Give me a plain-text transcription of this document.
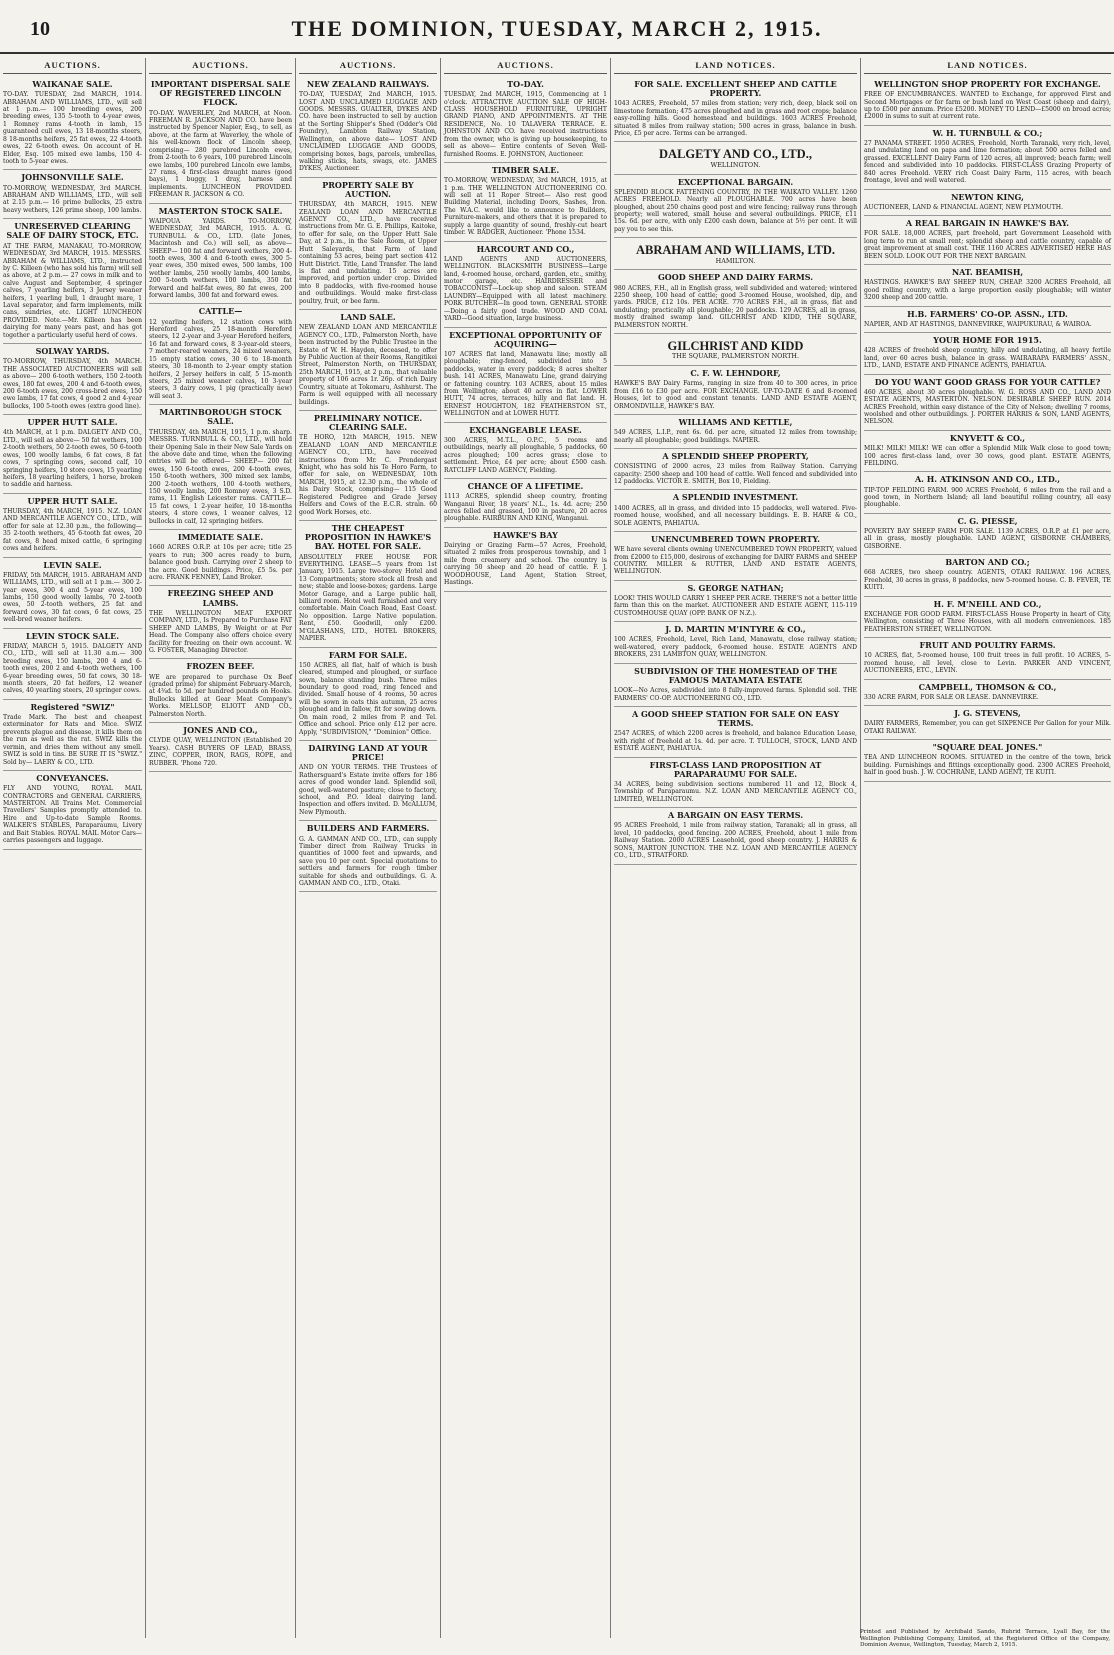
10	THE DOMINION, TUESDAY, MARCH 2, 1915.
AUCTIONS.
WAIKANAE SALE.
TO-DAY. TUESDAY, 2nd MARCH, 1914. ABRAHAM AND WILLIAMS, LTD., will sell at 1 p.m.— 100 breeding ewes, 200 breeding ewes, 135 5-tooth to 4-year ewes, 1 Romney rams 4-tooth in lamb, 15 guaranteed cull ewes, 13 18-months steers, 8 18-months heifers, 25 fat ewes, 22 4-tooth ewes, 22 6-tooth ewes. On account of H. Elder, Esq. 105 mixed ewe lambs, 150 4-tooth to 5-year ewes.
JOHNSONVILLE SALE.
TO-MORROW, WEDNESDAY, 3rd MARCH. ABRAHAM AND WILLIAMS, LTD., will sell at 2.15 p.m.— 16 prime bullocks, 25 extra heavy wethers, 126 prime sheep, 100 lambs.
UNRESERVED CLEARING SALE OF DAIRY STOCK, ETC.
AT THE FARM, MANAKAU, TO-MORROW, WEDNESDAY, 3rd MARCH, 1915. MESSRS. ABRAHAM & WILLIAMS, LTD., instructed by C. Killeen (who has sold his farm) will sell as above, at 2 p.m.— 27 cows in milk and to calve August and September, 4 springer calves, 7 yearling heifers, 3 Jersey weaner heifers, 1 yearling bull, 1 draught mare, 1 Laval separator, and farm implements, milk cans, sundries, etc. LIGHT LUNCHEON PROVIDED. Note.—Mr. Killeen has been dairying for many years past, and has got together a particularly useful herd of cows.
SOLWAY YARDS.
TO-MORROW, THURSDAY, 4th MARCH. THE ASSOCIATED AUCTIONEERS will sell as above— 200 6-tooth wethers, 150 2-tooth ewes, 180 fat ewes, 200 4 and 6-tooth ewes, 200 6-tooth ewes, 200 cross-bred ewes, 150 ewe lambs, 17 fat cows, 4 good 2 and 4-year bullocks, 100 5-tooth ewes (extra good line).
UPPER HUTT SALE.
4th MARCH, at 1 p.m. DALGETY AND CO., LTD., will sell as above— 50 fat wethers, 100 2-tooth wethers, 50 2-tooth ewes, 50 6-tooth ewes, 100 woolly lambs, 6 fat cows, 8 fat cows, 7 springing cows, second calf, 10 springing heifers, 10 store cows, 15 yearling heifers, 18 yearling heifers, 1 horse, broken to saddle and harness.
UPPER HUTT SALE.
THURSDAY, 4th MARCH, 1915. N.Z. LOAN AND MERCANTILE AGENCY CO., LTD., will offer for sale at 12.30 p.m., the following— 35 2-tooth wethers, 45 6-tooth fat ewes, 20 fat cows, 8 head mixed cattle, 6 springing cows and heifers.
LEVIN SALE.
FRIDAY, 5th MARCH, 1915. ABRAHAM AND WILLIAMS, LTD., will sell at 1 p.m.— 300 2-year ewes, 300 4 and 5-year ewes, 100 lambs, 150 good woolly lambs, 70 2-tooth ewes, 50 2-tooth wethers, 25 fat and forward cows, 30 fat cows, 6 fat cows, 25 well-bred weaner heifers.
LEVIN STOCK SALE.
FRIDAY, MARCH 5, 1915. DALGETY AND CO., LTD., will sell at 11.30 a.m.— 300 breeding ewes, 150 lambs, 200 4 and 6-tooth ewes, 200 2 and 4-tooth wethers, 100 6-year breeding ewes, 50 fat cows, 30 18-month steers, 20 fat heifers, 12 weaner calves, 40 yearling steers, 20 springer cows.
Registered "SWIZ"
Trade Mark. The best and cheapest exterminator for Rats and Mice. SWIZ prevents plague and disease, it kills them on the run as well as the rat. SWIZ kills the vermin, and dries them without any smell. SWIZ is sold in tins. BE SURE IT IS "SWIZ." Sold by— LAERY & CO., LTD.
CONVEYANCES.
FLY AND YOUNG, ROYAL MAIL CONTRACTORS and GENERAL CARRIERS, MASTERTON. All Trains Met. Commercial Travellers' Samples promptly attended to. Hire and Up-to-date Sample Rooms. WALKER'S STABLES, Paraparaumu, Livery and Bait Stables. ROYAL MAIL Motor Cars—carries passengers and luggage.
AUCTIONS.
IMPORTANT DISPERSAL SALE OF REGISTERED LINCOLN FLOCK.
TO-DAY. WAVERLEY, 2nd MARCH, at Noon. FREEMAN R. JACKSON AND CO. have been instructed by Spencer Napier, Esq., to sell, as above, at the farm at Waverley, the whole of his well-known flock of Lincoln sheep, comprising— 280 purebred Lincoln ewes, from 2-tooth to 6 years, 100 purebred Lincoln ewe lambs, 100 purebred Lincoln ewe lambs, 27 rams, 4 first-class draught mares (good bays), 1 buggy, 1 dray, harness and implements. LUNCHEON PROVIDED. FREEMAN R. JACKSON & CO.
MASTERTON STOCK SALE.
WAIPOUA YARDS. TO-MORROW, WEDNESDAY, 3rd MARCH, 1915. A. G. TURNBULL & CO., LTD. (late Jones, Macintosh and Co.) will sell, as above— SHEEP— 100 fat and forward wethers, 200 4-tooth ewes, 300 4 and 6-tooth ewes, 300 5-year ewes, 350 mixed ewes, 500 lambs, 100 wether lambs, 250 woolly lambs, 400 lambs, 200 5-tooth wethers, 100 lambs, 350 fat forward and half-fat ewes, 80 fat ewes, 200 forward lambs, 300 fat and forward ewes.
CATTLE—
12 yearling heifers, 12 station cows with Hereford calves, 25 18-month Hereford steers, 12 2-year and 3-year Hereford heifers, 16 fat and forward cows, 8 3-year-old steers, 7 mother-reared weaners, 24 mixed weaners, 15 empty station cows, 30 6 to 18-month steers, 30 18-month to 2-year empty station heifers, 2 Jersey heifers in calf, 5 15-month steers, 25 mixed weaner calves, 10 3-year steers, 3 dairy cows, 1 pig (practically new) will seat 3.
MARTINBOROUGH STOCK SALE.
THURSDAY, 4th MARCH, 1915, 1 p.m. sharp. MESSRS. TURNBULL & CO., LTD., will hold their Opening Sale in their New Sale Yards on the above date and time, when the following entries will be offered— SHEEP— 200 fat ewes, 150 6-tooth ewes, 200 4-tooth ewes, 150 6-tooth wethers, 300 mixed sex lambs, 200 2-tooth wethers, 100 4-tooth wethers, 150 woolly lambs, 200 Romney ewes, 3 S.D. rams, 11 English Leicester rams. CATTLE— 15 fat cows, 1 2-year heifer, 10 18-months steers, 4 store cows, 1 weaner calves, 12 bullocks in calf, 12 springing heifers.
IMMEDIATE SALE.
1660 ACRES O.R.P. at 10s per acre; title 25 years to run; 300 acres ready to burn, balance good bush. Carrying over 2 sheep to the acre. Good buildings. Price, £5 5s. per acre. FRANK FENNEY, Land Broker.
FREEZING SHEEP AND LAMBS.
THE WELLINGTON MEAT EXPORT COMPANY, LTD., Is Prepared to Purchase FAT SHEEP AND LAMBS, By Weight or at Per Head. The Company also offers choice every facility for freezing on their own account. W. G. FOSTER, Managing Director.
FROZEN BEEF.
WE are prepared to purchase Ox Beef (graded prime) for shipment February-March, at 4¾d. to 5d. per hundred pounds on Hooks. Bullocks killed at Gear Meat Company's Works. MELLSOP, ELIOTT AND CO., Palmerston North.
JONES AND CO.,
CLYDE QUAY, WELLINGTON (Established 20 Years). CASH BUYERS OF LEAD, BRASS, ZINC, COPPER, IRON, RAGS, ROPE, and RUBBER. 'Phone 720.
AUCTIONS.
NEW ZEALAND RAILWAYS.
TO-DAY, TUESDAY, 2nd MARCH, 1915. LOST AND UNCLAIMED LUGGAGE AND GOODS. MESSRS. GUALTER, DYKES AND CO. have been instructed to sell by auction at the Sorting Shipper's Shed (Odder's Old Foundry), Lambton Railway Station, Wellington, on above date— LOST AND UNCLAIMED LUGGAGE AND GOODS, comprising boxes, bags, parcels, umbrellas, walking sticks, hats, swags, etc. JAMES DYKES, Auctioneer.
PROPERTY SALE BY AUCTION.
THURSDAY, 4th MARCH, 1915. NEW ZEALAND LOAN AND MERCANTILE AGENCY CO., LTD., have received instructions from Mr. G. E. Phillips, Kaitoke, to offer for sale, on the Upper Hutt Sale Day, at 2 p.m., in the Sale Room, at Upper Hutt Saleyards, that Farm of land containing 53 acres, being part section 412 Hutt District. Title, Land Transfer. The land is flat and undulating. 15 acres are improved, and portion under crop. Divided into 8 paddocks, with five-roomed house and outbuildings. Would make first-class poultry, fruit, or bee farm.
LAND SALE.
NEW ZEALAND LOAN AND MERCANTILE AGENCY CO., LTD., Palmerston North, have been instructed by the Public Trustee in the Estate of W. H. Hayden, deceased, to offer by Public Auction at their Rooms, Rangitikei Street, Palmerston North, on THURSDAY, 25th MARCH, 1915, at 2 p.m., that valuable property of 106 acres 1r. 26p. of rich Dairy Country, situate at Tokomaru, Ashhurst. The Farm is well equipped with all necessary buildings.
PRELIMINARY NOTICE. CLEARING SALE.
TE HORO, 12th MARCH, 1915. NEW ZEALAND LOAN AND MERCANTILE AGENCY CO., LTD., have received instructions from Mr. C. Prendergast Knight, who has sold his Te Horo Farm, to offer for sale, on WEDNESDAY, 10th MARCH, 1915, at 12.30 p.m., the whole of his Dairy Stock, comprising— 115 Good Registered Pedigree and Grade Jersey Heifers and Cows of the E.C.R. strain. 60 good Work Horses, etc.
THE CHEAPEST PROPOSITION IN HAWKE'S BAY. HOTEL FOR SALE.
ABSOLUTELY FREE HOUSE FOR EVERYTHING. LEASE—5 years from 1st January, 1915. Large two-storey Hotel and 13 Compartments; store stock all fresh and new; stable and loose-boxes; gardens. Large Motor Garage, and a Large public hall, billiard room. Hotel well furnished and very comfortable. Main Coach Road, East Coast. No opposition. Large Native population. Rent, £50. Goodwill, only £200. M'GLASHANS, LTD., HOTEL BROKERS, NAPIER.
FARM FOR SALE.
150 ACRES, all flat, half of which is bush cleared, stumped and ploughed, or surface sown, balance standing bush. Three miles boundary to good road, ring fenced and divided. Small house of 4 rooms, 50 acres will be sown in oats this autumn, 25 acres ploughed and in fallow, fit for sowing down. On main road, 2 miles from P. and Tel. Office and school. Price only £12 per acre. Apply, "SUBDIVISION," "Dominion" Office.
DAIRYING LAND AT YOUR PRICE!
AND ON YOUR TERMS. THE Trustees of Rathersguard's Estate invite offers for 186 acres of good wonder land. Splendid soil, good, well-watered pasture; close to factory, school, and P.O. Ideal dairying land. Inspection and offers invited. D. McALLUM, New Plymouth.
BUILDERS AND FARMERS.
G. A. GAMMAN AND CO., LTD., can supply Timber direct from Railway Trucks in quantities of 1000 feet and upwards, and save you 10 per cent. Special quotations to settlers and farmers for rough timber suitable for sheds and outbuildings. G. A. GAMMAN AND CO., LTD., Otaki.
AUCTIONS.
TO-DAY.
TUESDAY, 2nd MARCH, 1915, Commencing at 1 o'clock. ATTRACTIVE AUCTION SALE OF HIGH-CLASS HOUSEHOLD FURNITURE, UPRIGHT GRAND PIANO, AND APPOINTMENTS. AT THE RESIDENCE, No. 10 TALAVERA TERRACE. E. JOHNSTON AND CO. have received instructions from the owner, who is giving up housekeeping, to sell as above— Entire contents of Seven Well-furnished Rooms. E. JOHNSTON, Auctioneer.
TIMBER SALE.
TO-MORROW, WEDNESDAY, 3rd MARCH, 1915, at 1 p.m. THE WELLINGTON AUCTIONEERING CO. will sell at 11 Roper Street— Also rest good Building Material, including Doors, Sashes, Iron. The W.A.C. would like to announce to Builders, Furniture-makers, and others that it is prepared to supply a large quantity of sound, freshly-cut heart timber. W. BADGER, Auctioneer. 'Phone 1534.
HARCOURT AND CO.,
LAND AGENTS AND AUCTIONEERS, WELLINGTON. BLACKSMITH BUSINESS—Large land, 4-roomed house, orchard, garden, etc., smithy, motor garage, etc. HAIRDRESSER and TOBACCONIST—Lock-up shop and saloon. STEAM LAUNDRY—Equipped with all latest machinery. PORK BUTCHER—In good town. GENERAL STORE—Doing a fairly good trade. WOOD AND COAL YARD—Good situation, large business.
EXCEPTIONAL OPPORTUNITY OF ACQUIRING—
107 ACRES flat land, Manawatu line; mostly all ploughable; ring-fenced, subdivided into 5 paddocks, water in every paddock; 8 acres shelter bush. 141 ACRES, Manawatu Line, grand dairying or fattening country. 103 ACRES, about 15 miles from Wellington; about 40 acres in flat. LOWER HUTT, 74 acres, terraces, hilly and flat land. H. ERNEST HOUGHTON, 182 FEATHERSTON ST., WELLINGTON and at LOWER HUTT.
EXCHANGEABLE LEASE.
300 ACRES, M.T.L., O.P.C., 5 rooms and outbuildings, nearly all ploughable, 5 paddocks, 60 acres ploughed; 100 acres grass; close to settlement. Price, £4 per acre; about £500 cash. RATCLIFF LAND AGENCY, Fielding.
CHANCE OF A LIFETIME.
1113 ACRES, splendid sheep country, fronting Wanganui River, 18 years' N.L., 1s. 4d. acre; 250 acres felled and grassed, 100 in pasture, 20 acres ploughable. FAIRBURN AND KING, Wanganui.
HAWKE'S BAY
Dairying or Grazing Farm—57 Acres, Freehold, situated 2 miles from prosperous township, and 1 mile from creamery and school. The country is carrying 50 sheep and 20 head of cattle. F. J. WOODHOUSE, Land Agent, Station Street, Hastings.
LAND NOTICES.
FOR SALE. EXCELLENT SHEEP AND CATTLE PROPERTY.
1043 ACRES, Freehold, 57 miles from station; very rich, deep, black soil on limestone formation; 475 acres ploughed and in grass and root crops; balance easy-rolling hills. Good homestead and buildings. 1603 ACRES Freehold, situated 8 miles from railway station; 500 acres in grass, balance in bush. Price, £5 per acre. Terms can be arranged.
DALGETY AND CO., LTD.,
WELLINGTON.
EXCEPTIONAL BARGAIN.
SPLENDID BLOCK FATTENING COUNTRY, IN THE WAIKATO VALLEY. 1260 ACRES FREEHOLD. Nearly all PLOUGHABLE. 700 acres have been ploughed, about 250 chains good post and wire fencing; railway runs through property; well watered, small house and several outbuildings. PRICE, £11 15s. 6d. per acre, with only £200 cash down, balance at 5½ per cent. It will pay you to see this.
ABRAHAM AND WILLIAMS, LTD.
HAMILTON.
GOOD SHEEP AND DAIRY FARMS.
980 ACRES, F.H., all in English grass, well subdivided and watered; wintered 2250 sheep, 100 head of cattle; good 3-roomed House, woolshed, dip, and yards. PRICE, £12 10s. PER ACRE. 770 ACRES F.H., all in grass, flat and undulating; practically all ploughable; 20 paddocks. 129 ACRES, all in grass, mostly drained swamp land. GILCHRIST AND KIDD, THE SQUARE, PALMERSTON NORTH.
GILCHRIST AND KIDD
THE SQUARE, PALMERSTON NORTH.
C. F. W. LEHNDORF,
HAWKE'S BAY Dairy Farms, ranging in size from 40 to 300 acres, in price from £16 to £30 per acre. FOR EXCHANGE. UP-TO-DATE 6 and 8-roomed Houses, let to good and constant tenants. LAND AND ESTATE AGENT, ORMONDVILLE, HAWKE'S BAY.
WILLIAMS AND KETTLE,
549 ACRES, L.I.P., rent 6s. 6d. per acre, situated 12 miles from township; nearly all ploughable; good buildings. NAPIER.
A SPLENDID SHEEP PROPERTY,
CONSISTING of 2000 acres, 23 miles from Railway Station. Carrying capacity: 2500 sheep and 100 head of cattle. Well fenced and subdivided into 12 paddocks. VICTOR E. SMITH, Box 10, Fielding.
A SPLENDID INVESTMENT.
1400 ACRES, all in grass, and divided into 15 paddocks, well watered. Five-roomed house, woolshed, and all necessary buildings. E. B. HARE & CO., SOLE AGENTS, PAHIATUA.
UNENCUMBERED TOWN PROPERTY.
WE have several clients owning UNENCUMBERED TOWN PROPERTY, valued from £2000 to £15,000, desirous of exchanging for DAIRY FARMS and SHEEP COUNTRY. MILLER & RUTTER, LAND AND ESTATE AGENTS, WELLINGTON.
S. GEORGE NATHAN;
LOOK! THIS WOULD CARRY 1 SHEEP PER ACRE. THERE'S not a better little farm than this on the market. AUCTIONEER AND ESTATE AGENT, 115-119 CUSTOMHOUSE QUAY (OPP. BANK OF N.Z.).
J. D. MARTIN M'INTYRE & CO.,
100 ACRES, Freehold, Level, Rich Land, Manawatu, close railway station; well-watered, every paddock, 6-roomed house. ESTATE AGENTS AND BROKERS, 231 LAMBTON QUAY, WELLINGTON.
SUBDIVISION OF THE HOMESTEAD OF THE FAMOUS MATAMATA ESTATE
LOOK—No Acres, subdivided into 8 fully-improved farms. Splendid soil. THE FARMERS' CO-OP. AUCTIONEERING CO., LTD.
A GOOD SHEEP STATION FOR SALE ON EASY TERMS.
2547 ACRES, of which 2200 acres is freehold, and balance Education Lease, with right of freehold at 1s. 4d. per acre. T. TULLOCH, STOCK, LAND AND ESTATE AGENT, PAHIATUA.
FIRST-CLASS LAND PROPOSITION AT PARAPARAUMU FOR SALE.
34 ACRES, being subdivision sections numbered 11 and 12, Block 4, Township of Paraparaumu. N.Z. LOAN AND MERCANTILE AGENCY CO., LIMITED, WELLINGTON.
A BARGAIN ON EASY TERMS.
95 ACRES Freehold, 1 mile from railway station, Taranaki; all in grass, all level, 10 paddocks, good fencing. 200 ACRES, Freehold, about 1 mile from Railway Station. 2000 ACRES Leasehold, good sheep country. J. HARRIS & SONS, MARTON JUNCTION. THE N.Z. LOAN AND MERCANTILE AGENCY CO., LTD., STRATFORD.
LAND NOTICES.
WELLINGTON SHOP PROPERTY FOR EXCHANGE.
FREE OF ENCUMBRANCES. WANTED to Exchange, for approved First and Second Mortgages or for farm or bush land on West Coast (sheep and dairy), up to £500 per annum. Price £5200. MONEY TO LEND—£5000 on broad acres; £2000 in sums to suit at current rate.
W. H. TURNBULL & CO.;
27 PANAMA STREET. 1950 ACRES, Freehold, North Taranaki, very rich, level, and undulating land on papa and lime formation; about 500 acres felled and grassed. EXCELLENT Dairy Farm of 120 acres, all improved; beach farm; well fenced and subdivided into 10 paddocks. FIRST-CLASS Grazing Property of 840 acres Freehold. VERY rich Coast Dairy Farm, 115 acres, with beach frontage, level and well watered.
NEWTON KING,
AUCTIONEER, LAND & FINANCIAL AGENT, NEW PLYMOUTH.
A REAL BARGAIN IN HAWKE'S BAY.
FOR SALE. 18,000 ACRES, part freehold, part Government Leasehold with long term to run at small rent; splendid sheep and cattle country, capable of great improvement at small cost. THE 1160 ACRES ADVERTISED HERE HAS BEEN SOLD. LOOK OUT FOR THE NEXT BARGAIN.
NAT. BEAMISH,
HASTINGS. HAWKE'S BAY SHEEP RUN, CHEAP. 3200 ACRES Freehold, all good rolling country, with a large proportion easily ploughable; will winter 3200 sheep and 200 cattle.
H.B. FARMERS' CO-OP. ASSN., LTD.
NAPIER, AND AT HASTINGS, DANNEVIRKE, WAIPUKURAU, & WAIROA.
YOUR HOME FOR 1915.
428 ACRES of freehold sheep country, hilly and undulating, all heavy fertile land, over 60 acres bush, balance in grass. WAIRARAPA FARMERS' ASSN., LTD., LAND, ESTATE AND FINANCE AGENTS, PAHIATUA.
DO YOU WANT GOOD GRASS FOR YOUR CATTLE?
460 ACRES, about 30 acres ploughable. W. G. ROSS AND CO., LAND AND ESTATE AGENTS, MASTERTON. NELSON. DESIRABLE SHEEP RUN. 2014 ACRES Freehold, within easy distance of the City of Nelson; dwelling 7 rooms, woolshed and other outbuildings. J. PORTER HARRIS & SON, LAND AGENTS, NELSON.
KNYVETT & CO.,
MILK! MILK! MILK! WE can offer a Splendid Milk Walk close to good town; 100 acres first-class land, over 30 cows, good plant. ESTATE AGENTS, FEILDING.
A. H. ATKINSON AND CO., LTD.,
TIP-TOP FEILDING FARM. 900 ACRES Freehold, 6 miles from the rail and a good town, in Northern Island; all land beautiful rolling country, all easy ploughable.
C. G. PIESSE,
POVERTY BAY SHEEP FARM FOR SALE. 1139 ACRES, O.R.P. at £1 per acre, all in grass, mostly ploughable. LAND AGENT, GISBORNE CHAMBERS, GISBORNE.
BARTON AND CO.;
668 ACRES, two sheep country. AGENTS, OTAKI RAILWAY. 196 ACRES, Freehold, 30 acres in grass, 8 paddocks, new 5-roomed house. C. B. FEVER, TE KUITI.
H. F. M'NEILL AND CO.,
EXCHANGE FOR GOOD FARM. FIRST-CLASS House Property in heart of City, Wellington, consisting of Three Houses, with all modern conveniences. 185 FEATHERSTON STREET, WELLINGTON.
FRUIT AND POULTRY FARMS.
10 ACRES, flat, 5-roomed house, 100 fruit trees in full profit. 10 ACRES, 5-roomed house, all level, close to Levin. PARKER AND VINCENT, AUCTIONEERS, ETC., LEVIN.
CAMPBELL, THOMSON & CO.,
330 ACRE FARM, FOR SALE OR LEASE. DANNEVIRKE.
J. G. STEVENS,
DAIRY FARMERS, Remember, you can get SIXPENCE Per Gallon for your Milk. OTAKI RAILWAY.
"SQUARE DEAL JONES."
TEA AND LUNCHEON ROOMS. SITUATED in the centre of the town, brick building. Furnishings and fittings exceptionally good. 2300 ACRES Freehold, half in good bush. J. W. COCHRANE, LAND AGENT, TE KUITI.
Printed and Published by Archibald Sando, Ruhrid Terrace, Lyall Bay, for the Wellington Publishing Company, Limited, at the Registered Office of the Company, Dominion Avenue, Wellington, Tuesday, March 2, 1915.
